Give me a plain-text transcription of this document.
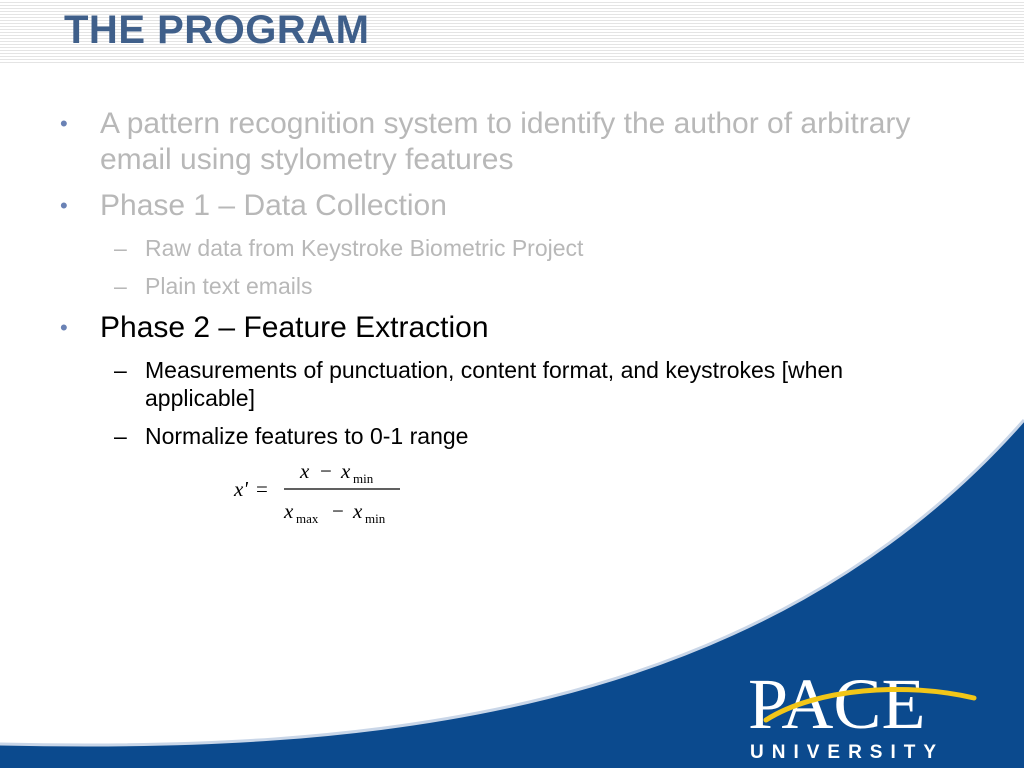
THE PROGRAM
• A pattern recognition system to identify the author of arbitrary email using stylometry features
• Phase 1 – Data Collection
– Raw data from Keystroke Biometric Project
– Plain text emails
• Phase 2 – Feature Extraction
– Measurements of punctuation, content format, and keystrokes [when applicable]
– Normalize features to 0-1 range
x' =
x − x min
x max − x min
PACE
UNIVERSITY
